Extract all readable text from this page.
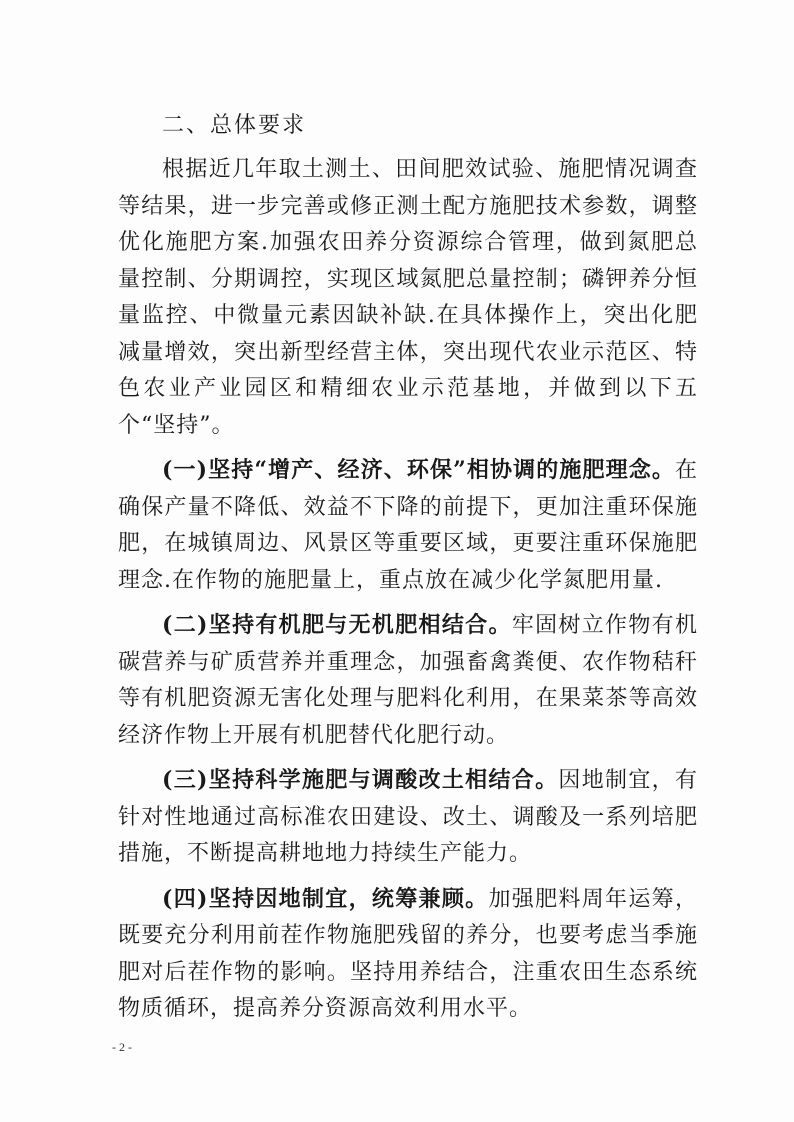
二、总体要求

根据近几年取土测土、田间肥效试验、施肥情况调查等结果，进一步完善或修正测土配方施肥技术参数，调整优化施肥方案.加强农田养分资源综合管理，做到氮肥总量控制、分期调控，实现区域氮肥总量控制；磷钾养分恒量监控、中微量元素因缺补缺.在具体操作上，突出化肥减量增效，突出新型经营主体，突出现代农业示范区、特色农业产业园区和精细农业示范基地，并做到以下五个“坚持”。

(一)坚持“增产、经济、环保”相协调的施肥理念。在确保产量不降低、效益不下降的前提下，更加注重环保施肥，在城镇周边、风景区等重要区域，更要注重环保施肥理念.在作物的施肥量上，重点放在减少化学氮肥用量.

(二)坚持有机肥与无机肥相结合。牢固树立作物有机碳营养与矿质营养并重理念，加强畜禽粪便、农作物秸秆等有机肥资源无害化处理与肥料化利用，在果菜茶等高效经济作物上开展有机肥替代化肥行动。

(三)坚持科学施肥与调酸改土相结合。因地制宜，有针对性地通过高标准农田建设、改土、调酸及一系列培肥措施，不断提高耕地地力持续生产能力。

(四)坚持因地制宜，统筹兼顾。加强肥料周年运筹，既要充分利用前茬作物施肥残留的养分，也要考虑当季施肥对后茬作物的影响。坚持用养结合，注重农田生态系统物质循环，提高养分资源高效利用水平。

- 2 -
